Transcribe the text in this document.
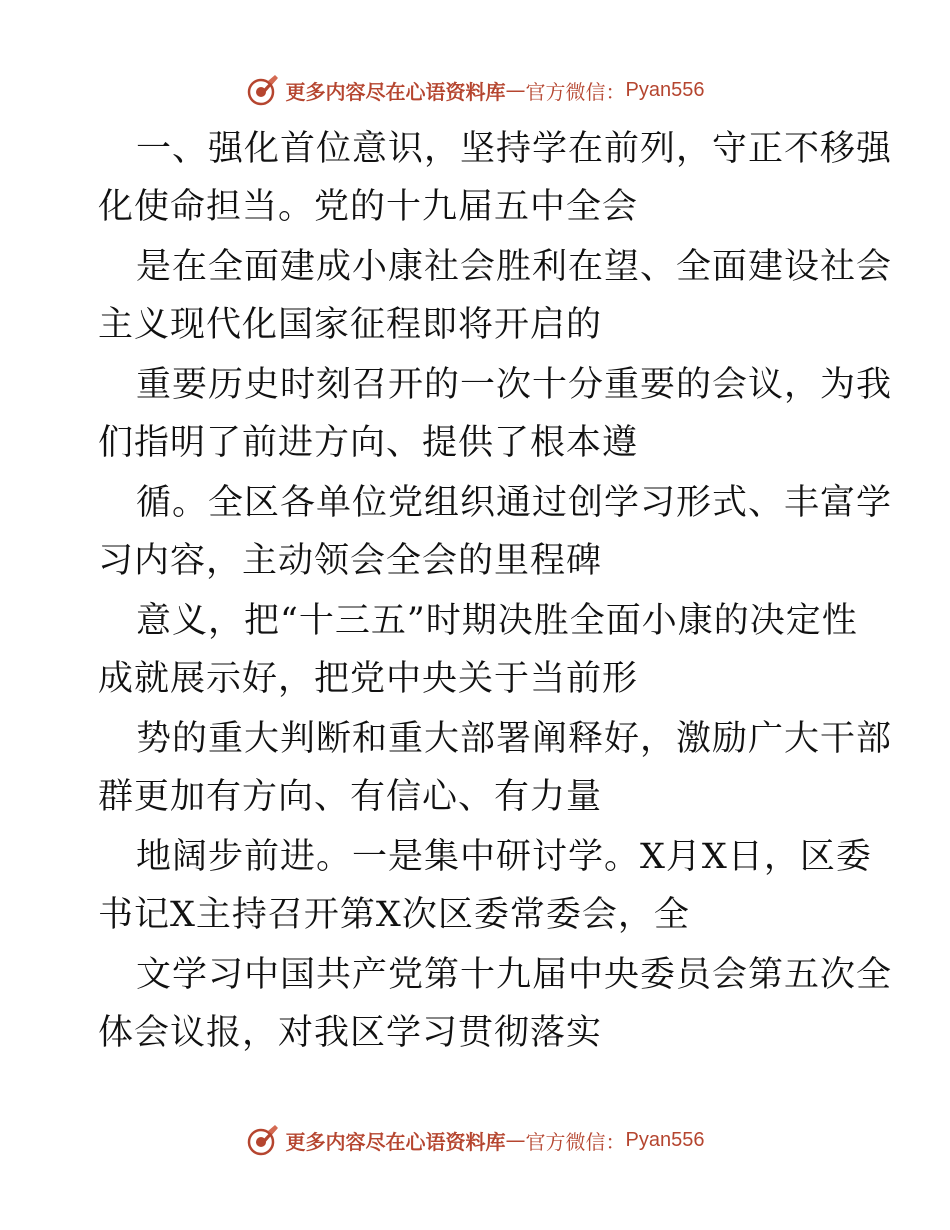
更多内容尽在心语资料库 — 官方微信： Pyan556

一、强化首位意识，坚持学在前列，守正不移强
化使命担当。党的十九届五中全会

是在全面建成小康社会胜利在望、全面建设社会
主义现代化国家征程即将开启的

重要历史时刻召开的一次十分重要的会议，为我
们指明了前进方向、提供了根本遵

循。全区各单位党组织通过创学习形式、丰富学
习内容，主动领会全会的里程碑

意义，把“十三五”时期决胜全面小康的决定性
成就展示好，把党中央关于当前形

势的重大判断和重大部署阐释好，激励广大干部
群更加有方向、有信心、有力量

地阔步前进。一是集中研讨学。X月X日，区委
书记X主持召开第X次区委常委会，全

文学习中国共产党第十九届中央委员会第五次全
体会议报，对我区学习贯彻落实

更多内容尽在心语资料库 — 官方微信： Pyan556
